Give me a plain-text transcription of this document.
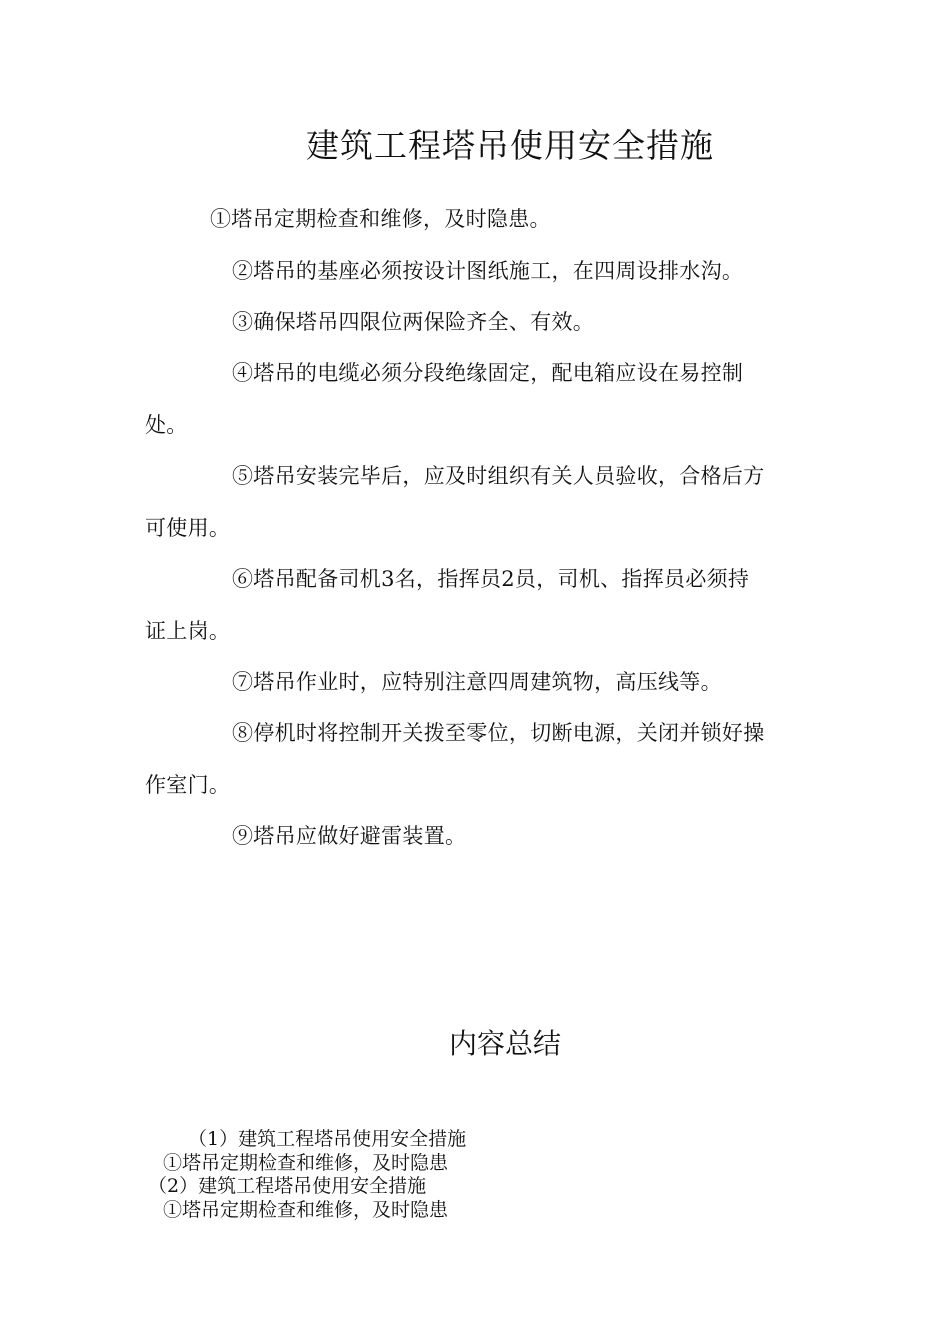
建筑工程塔吊使用安全措施
①塔吊定期检查和维修，及时隐患。
②塔吊的基座必须按设计图纸施工，在四周设排水沟。
③确保塔吊四限位两保险齐全、有效。
④塔吊的电缆必须分段绝缘固定，配电箱应设在易控制
处。
⑤塔吊安装完毕后，应及时组织有关人员验收，合格后方
可使用。
⑥塔吊配备司机3名，指挥员2员，司机、指挥员必须持
证上岗。
⑦塔吊作业时，应特别注意四周建筑物，高压线等。
⑧停机时将控制开关拨至零位，切断电源，关闭并锁好操
作室门。
⑨塔吊应做好避雷装置。
内容总结
（1）建筑工程塔吊使用安全措施
①塔吊定期检查和维修，及时隐患
（2）建筑工程塔吊使用安全措施
①塔吊定期检查和维修，及时隐患
